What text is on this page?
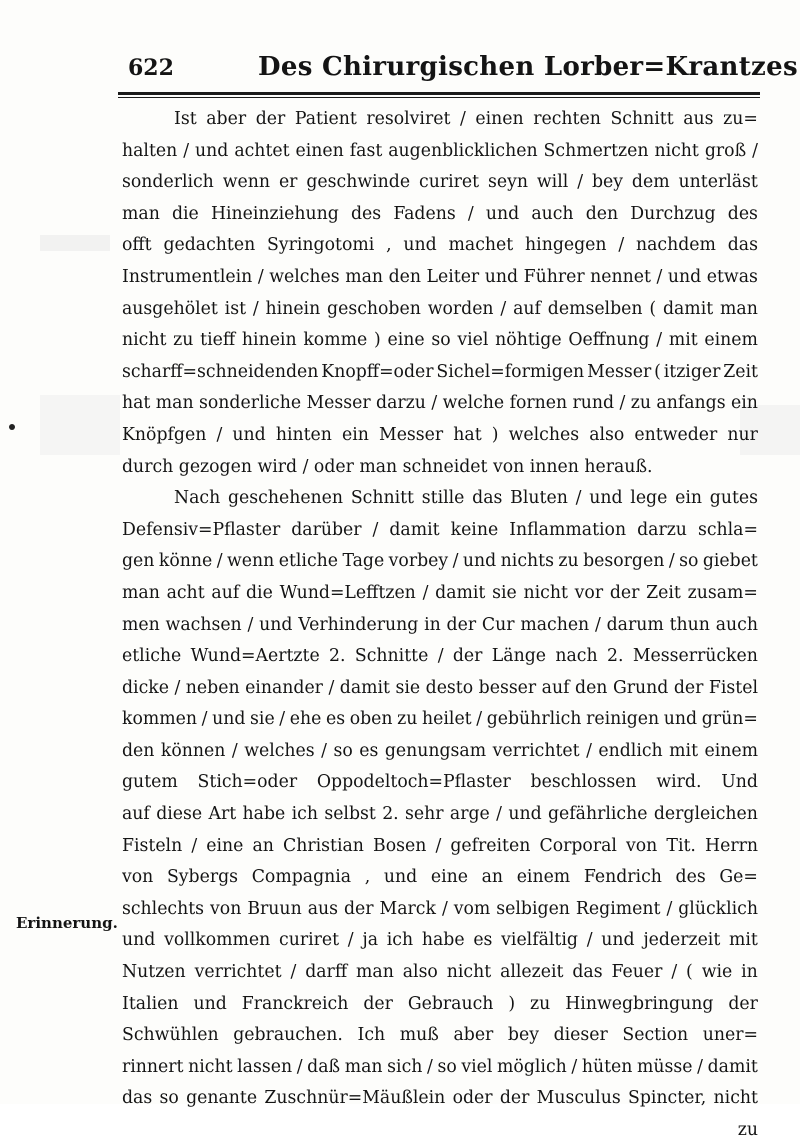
622	Des Chirurgischen Lorber=Krantzes
Ist aber der Patient resolviret / einen rechten Schnitt aus zu=
halten / und achtet einen fast augenblicklichen Schmertzen nicht groß /
sonderlich wenn er geschwinde curiret seyn will / bey dem unterläst
man die Hineinziehung des Fadens / und auch den Durchzug des
offt gedachten Syringotomi , und machet hingegen / nachdem das
Instrumentlein / welches man den Leiter und Führer nennet / und etwas
ausgehölet ist / hinein geschoben worden / auf demselben ( damit man
nicht zu tieff hinein komme ) eine so viel nöhtige Oeffnung / mit einem
scharff=schneidenden Knopff=oder Sichel=formigen Messer ( itziger Zeit
hat man sonderliche Messer darzu / welche fornen rund / zu anfangs ein
Knöpfgen / und hinten ein Messer hat ) welches also entweder nur
durch gezogen wird / oder man schneidet von innen herauß.
Nach geschehenen Schnitt stille das Bluten / und lege ein gutes
Defensiv=Pflaster darüber / damit keine Inflammation darzu schla=
gen könne / wenn etliche Tage vorbey / und nichts zu besorgen / so giebet
man acht auf die Wund=Lefftzen / damit sie nicht vor der Zeit zusam=
men wachsen / und Verhinderung in der Cur machen / darum thun auch
etliche Wund=Aertzte 2. Schnitte / der Länge nach 2. Messerrücken
dicke / neben einander / damit sie desto besser auf den Grund der Fistel
kommen / und sie / ehe es oben zu heilet / gebührlich reinigen und grün=
den können / welches / so es genungsam verrichtet / endlich mit einem
gutem Stich=oder Oppodeltoch=Pflaster beschlossen wird. Und
auf diese Art habe ich selbst 2. sehr arge / und gefährliche dergleichen
Fisteln / eine an Christian Bosen / gefreiten Corporal von Tit. Herrn
von Sybergs Compagnia , und eine an einem Fendrich des Ge=
schlechts von Bruun aus der Marck / vom selbigen Regiment / glücklich
und vollkommen curiret / ja ich habe es vielfältig / und jederzeit mit
Nutzen verrichtet / darff man also nicht allezeit das Feuer / ( wie in
Italien und Franckreich der Gebrauch ) zu Hinwegbringung der
Schwühlen gebrauchen. Ich muß aber bey dieser Section uner=
rinnert nicht lassen / daß man sich / so viel möglich / hüten müsse / damit
das so genante Zuschnür=Mäußlein oder der Musculus Spincter, nicht
zu
Erinnerung.
